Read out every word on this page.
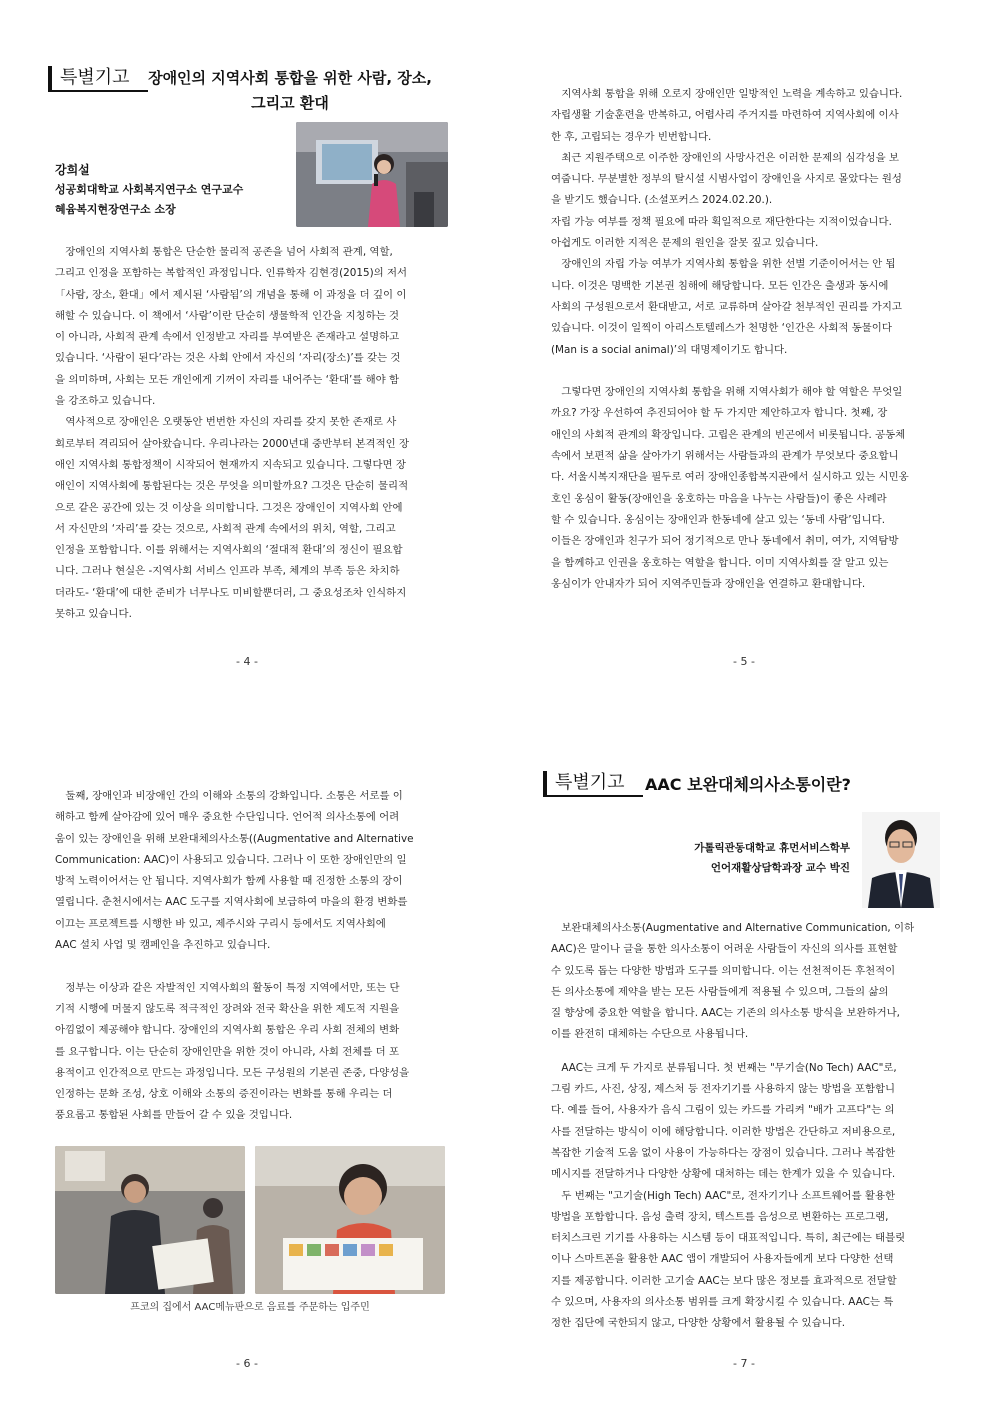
특별기고	장애인의 지역사회 통합을 위한 사람, 장소,
그리고 환대
강희설
성공회대학교 사회복지연구소 연구교수
혜윰복지현장연구소 소장

장애인의 지역사회 통합은 단순한 물리적 공존을 넘어 사회적 관계, 역할,

그리고 인정을 포함하는 복합적인 과정입니다. 인류학자 김현경(2015)의 저서

「사람, 장소, 환대」에서 제시된 ‘사람됨’의 개념을 통해 이 과정을 더 깊이 이

해할 수 있습니다. 이 책에서 ‘사람’이란 단순히 생물학적 인간을 지칭하는 것

이 아니라, 사회적 관계 속에서 인정받고 자리를 부여받은 존재라고 설명하고

있습니다. ‘사람이 된다’라는 것은 사회 안에서 자신의 ‘자리(장소)’를 갖는 것

을 의미하며, 사회는 모든 개인에게 기꺼이 자리를 내어주는 ‘환대’를 해야 함

을 강조하고 있습니다.

역사적으로 장애인은 오랫동안 번번한 자신의 자리를 갖지 못한 존재로 사

회로부터 격리되어 살아왔습니다. 우리나라는 2000년대 중반부터 본격적인 장

애인 지역사회 통합정책이 시작되어 현재까지 지속되고 있습니다. 그렇다면 장

애인이 지역사회에 통합된다는 것은 무엇을 의미할까요? 그것은 단순히 물리적

으로 같은 공간에 있는 것 이상을 의미합니다. 그것은 장애인이 지역사회 안에

서 자신만의 ‘자리’를 갖는 것으로, 사회적 관계 속에서의 위치, 역할, 그리고

인정을 포함합니다. 이를 위해서는 지역사회의 ‘절대적 환대’의 정신이 필요합

니다. 그러나 현실은 -지역사회 서비스 인프라 부족, 체계의 부족 등은 차치하

더라도- ‘환대’에 대한 준비가 너무나도 미비할뿐더러, 그 중요성조차 인식하지

못하고 있습니다.

- 4 -

지역사회 통합을 위해 오로지 장애인만 일방적인 노력을 계속하고 있습니다.

자립생활 기술훈련을 반복하고, 어렵사리 주거지를 마련하여 지역사회에 이사

한 후, 고립되는 경우가 빈번합니다.

최근 지원주택으로 이주한 장애인의 사망사건은 이러한 문제의 심각성을 보

여줍니다. 무분별한 정부의 탈시설 시범사업이 장애인을 사지로 몰았다는 원성

을 받기도 했습니다. (소셜포커스 2024.02.20.).

자립 가능 여부를 정책 필요에 따라 획일적으로 재단한다는 지적이었습니다.

아쉽게도 이러한 지적은 문제의 원인을 잘못 짚고 있습니다.

장애인의 자립 가능 여부가 지역사회 통합을 위한 선별 기준이어서는 안 됩

니다. 이것은 명백한 기본권 침해에 해당합니다. 모든 인간은 출생과 동시에

사회의 구성원으로서 환대받고, 서로 교류하며 살아갈 천부적인 권리를 가지고

있습니다. 이것이 일찍이 아리스토텔레스가 천명한 ‘인간은 사회적 동물이다

(Man is a social animal)’의 대명제이기도 합니다.

그렇다면 장애인의 지역사회 통합을 위해 지역사회가 해야 할 역할은 무엇일

까요? 가장 우선하여 추진되어야 할 두 가지만 제안하고자 합니다. 첫째, 장

애인의 사회적 관계의 확장입니다. 고립은 관계의 빈곤에서 비롯됩니다. 공동체

속에서 보편적 삶을 살아가기 위해서는 사람들과의 관계가 무엇보다 중요합니

다. 서울시복지재단을 필두로 여러 장애인종합복지관에서 실시하고 있는 시민옹

호인 옹심이 활동(장애인을 옹호하는 마음을 나누는 사람들)이 좋은 사례라

할 수 있습니다. 옹심이는 장애인과 한동네에 살고 있는 ‘동네 사람’입니다.

이들은 장애인과 친구가 되어 정기적으로 만나 동네에서 취미, 여가, 지역탐방

을 함께하고 인권을 옹호하는 역할을 합니다. 이미 지역사회를 잘 알고 있는

옹심이가 안내자가 되어 지역주민들과 장애인을 연결하고 환대합니다.

- 5 -

둘째, 장애인과 비장애인 간의 이해와 소통의 강화입니다. 소통은 서로를 이

해하고 함께 살아감에 있어 매우 중요한 수단입니다. 언어적 의사소통에 어려

움이 있는 장애인을 위해 보완대체의사소통((Augmentative and Alternative

Communication: AAC)이 사용되고 있습니다. 그러나 이 또한 장애인만의 일

방적 노력이어서는 안 됩니다. 지역사회가 함께 사용할 때 진정한 소통의 장이

열립니다. 춘천시에서는 AAC 도구를 지역사회에 보급하여 마을의 환경 변화를

이끄는 프로젝트를 시행한 바 있고, 제주시와 구리시 등에서도 지역사회에

AAC 설치 사업 및 캠페인을 추진하고 있습니다.

정부는 이상과 같은 자발적인 지역사회의 활동이 특정 지역에서만, 또는 단

기적 시행에 머물지 않도록 적극적인 장려와 전국 확산을 위한 제도적 지원을

아낌없이 제공해야 합니다. 장애인의 지역사회 통합은 우리 사회 전체의 변화

를 요구합니다. 이는 단순히 장애인만을 위한 것이 아니라, 사회 전체를 더 포

용적이고 인간적으로 만드는 과정입니다. 모든 구성원의 기본권 존중, 다양성을

인정하는 문화 조성, 상호 이해와 소통의 증진이라는 변화를 통해 우리는 더

풍요롭고 통합된 사회를 만들어 갈 수 있을 것입니다.

프코의 집에서 AAC메뉴판으로 음료를 주문하는 입주민
- 6 -
특별기고	AAC 보완대체의사소통이란?
가톨릭관동대학교 휴먼서비스학부
언어재활상담학과장 교수 박진

보완대체의사소통(Augmentative and Alternative Communication, 이하

AAC)은 말이나 글을 통한 의사소통이 어려운 사람들이 자신의 의사를 표현할

수 있도록 돕는 다양한 방법과 도구를 의미합니다. 이는 선천적이든 후천적이

든 의사소통에 제약을 받는 모든 사람들에게 적용될 수 있으며, 그들의 삶의

질 향상에 중요한 역할을 합니다. AAC는 기존의 의사소통 방식을 보완하거나,

이를 완전히 대체하는 수단으로 사용됩니다.

AAC는 크게 두 가지로 분류됩니다. 첫 번째는 "무기술(No Tech) AAC"로,

그림 카드, 사진, 상징, 제스처 등 전자기기를 사용하지 않는 방법을 포함합니

다. 예를 들어, 사용자가 음식 그림이 있는 카드를 가리켜 "배가 고프다"는 의

사를 전달하는 방식이 이에 해당합니다. 이러한 방법은 간단하고 저비용으로,

복잡한 기술적 도움 없이 사용이 가능하다는 장점이 있습니다. 그러나 복잡한

메시지를 전달하거나 다양한 상황에 대처하는 데는 한계가 있을 수 있습니다.

두 번째는 "고기술(High Tech) AAC"로, 전자기기나 소프트웨어를 활용한

방법을 포함합니다. 음성 출력 장치, 텍스트를 음성으로 변환하는 프로그램,

터치스크린 기기를 사용하는 시스템 등이 대표적입니다. 특히, 최근에는 태블릿

이나 스마트폰을 활용한 AAC 앱이 개발되어 사용자들에게 보다 다양한 선택

지를 제공합니다. 이러한 고기술 AAC는 보다 많은 정보를 효과적으로 전달할

수 있으며, 사용자의 의사소통 범위를 크게 확장시킬 수 있습니다. AAC는 특

정한 집단에 국한되지 않고, 다양한 상황에서 활용될 수 있습니다.

- 7 -
